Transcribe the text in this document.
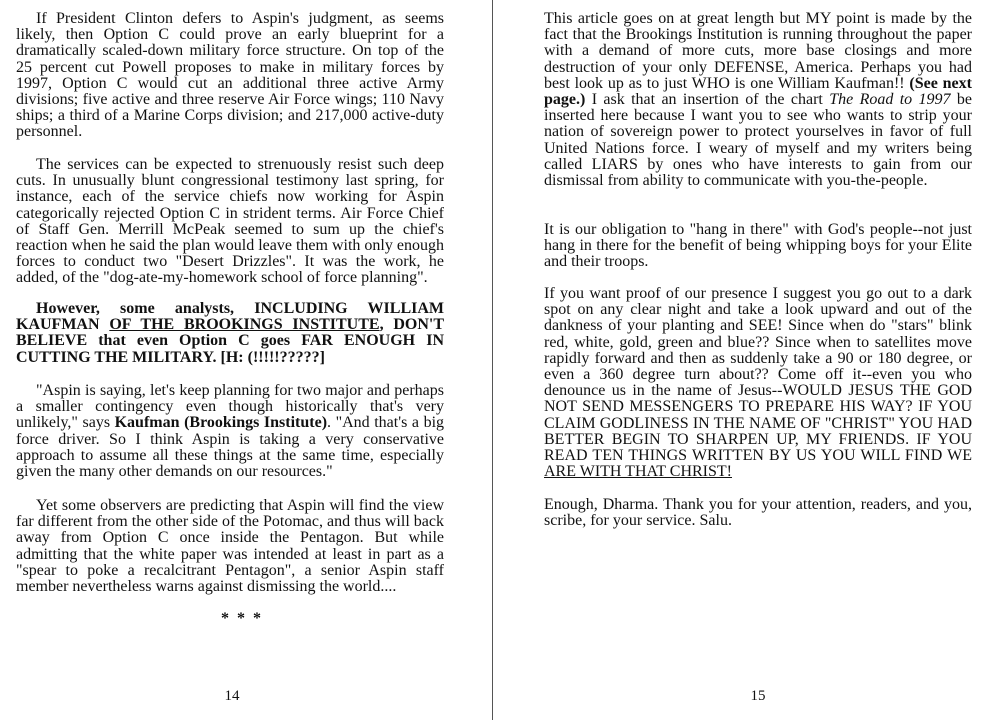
If President Clinton defers to Aspin's judgment, as seems likely, then Option C could prove an early blueprint for a dramatically scaled-down military force structure. On top of the 25 percent cut Powell proposes to make in military forces by 1997, Option C would cut an additional three active Army divisions; five active and three reserve Air Force wings; 110 Navy ships; a third of a Marine Corps division; and 217,000 active-duty personnel.

The services can be expected to strenuously resist such deep cuts. In unusually blunt congressional testimony last spring, for instance, each of the service chiefs now working for Aspin categorically rejected Option C in strident terms. Air Force Chief of Staff Gen. Merrill McPeak seemed to sum up the chief's reaction when he said the plan would leave them with only enough forces to conduct two "Desert Drizzles". It was the work, he added, of the "dog-ate-my-homework school of force planning".

However, some analysts, INCLUDING WILLIAM KAUFMAN OF THE BROOKINGS INSTITUTE, DON'T BELIEVE that even Option C goes FAR ENOUGH IN CUTTING THE MILITARY. [H: (!!!!!?????]

"Aspin is saying, let's keep planning for two major and perhaps a smaller contingency even though historically that's very unlikely," says Kaufman (Brookings Institute). "And that's a big force driver. So I think Aspin is taking a very conservative approach to assume all these things at the same time, especially given the many other demands on our resources."

Yet some observers are predicting that Aspin will find the view far different from the other side of the Potomac, and thus will back away from Option C once inside the Pentagon. But while admitting that the white paper was intended at least in part as a "spear to poke a recalcitrant Pentagon", a senior Aspin staff member nevertheless warns against dismissing the world....

* * *
14

This article goes on at great length but MY point is made by the fact that the Brookings Institution is running throughout the paper with a demand of more cuts, more base closings and more destruction of your only DEFENSE, America. Perhaps you had best look up as to just WHO is one William Kaufman!! (See next page.) I ask that an insertion of the chart The Road to 1997 be inserted here because I want you to see who wants to strip your nation of sovereign power to protect yourselves in favor of full United Nations force. I weary of myself and my writers being called LIARS by ones who have interests to gain from our dismissal from ability to communicate with you-the-people.

It is our obligation to "hang in there" with God's people--not just hang in there for the benefit of being whipping boys for your Elite and their troops.

If you want proof of our presence I suggest you go out to a dark spot on any clear night and take a look upward and out of the dankness of your planting and SEE! Since when do "stars" blink red, white, gold, green and blue?? Since when to satellites move rapidly forward and then as suddenly take a 90 or 180 degree, or even a 360 degree turn about?? Come off it--even you who denounce us in the name of Jesus--WOULD JESUS THE GOD NOT SEND MESSENGERS TO PREPARE HIS WAY? IF YOU CLAIM GODLINESS IN THE NAME OF "CHRIST" YOU HAD BETTER BEGIN TO SHARPEN UP, MY FRIENDS. IF YOU READ TEN THINGS WRITTEN BY US YOU WILL FIND WE ARE WITH THAT CHRIST!

Enough, Dharma. Thank you for your attention, readers, and you, scribe, for your service. Salu.

15
